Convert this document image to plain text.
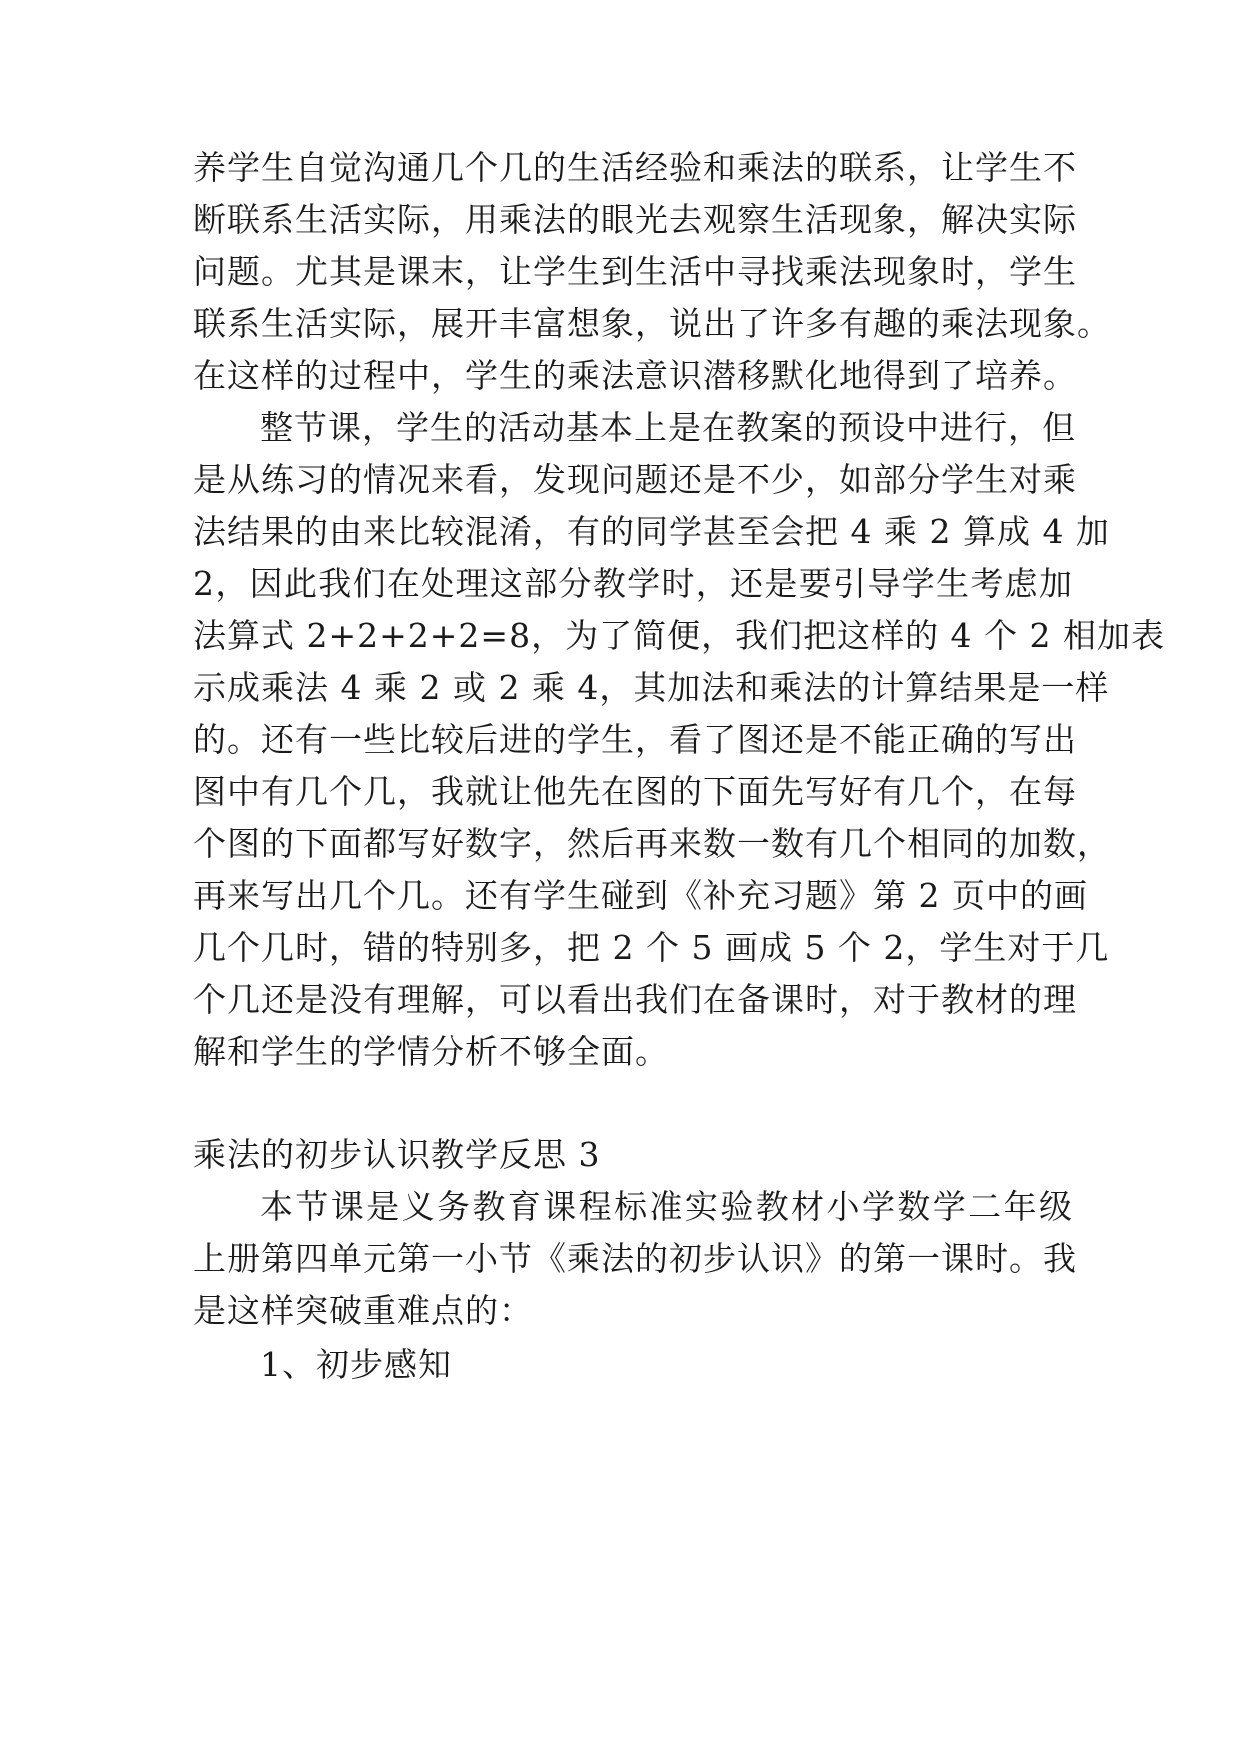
养学生自觉沟通几个几的生活经验和乘法的联系，让学生不

断联系生活实际，用乘法的眼光去观察生活现象，解决实际

问题。尤其是课末，让学生到生活中寻找乘法现象时，学生

联系生活实际，展开丰富想象，说出了许多有趣的乘法现象。

在这样的过程中，学生的乘法意识潜移默化地得到了培养。

整节课，学生的活动基本上是在教案的预设中进行，但

是从练习的情况来看，发现问题还是不少，如部分学生对乘

法结果的由来比较混淆，有的同学甚至会把 4 乘 2 算成 4 加

2，因此我们在处理这部分教学时，还是要引导学生考虑加

法算式 2+2+2+2=8，为了简便，我们把这样的 4 个 2 相加表

示成乘法 4 乘 2 或 2 乘 4，其加法和乘法的计算结果是一样

的。还有一些比较后进的学生，看了图还是不能正确的写出

图中有几个几，我就让他先在图的下面先写好有几个，在每

个图的下面都写好数字，然后再来数一数有几个相同的加数，

再来写出几个几。还有学生碰到《补充习题》第 2 页中的画

几个几时，错的特别多，把 2 个 5 画成 5 个 2，学生对于几

个几还是没有理解，可以看出我们在备课时，对于教材的理

解和学生的学情分析不够全面。

乘法的初步认识教学反思 3

本节课是义务教育课程标准实验教材小学数学二年级

上册第四单元第一小节《乘法的初步认识》的第一课时。我

是这样突破重难点的：

1、初步感知
